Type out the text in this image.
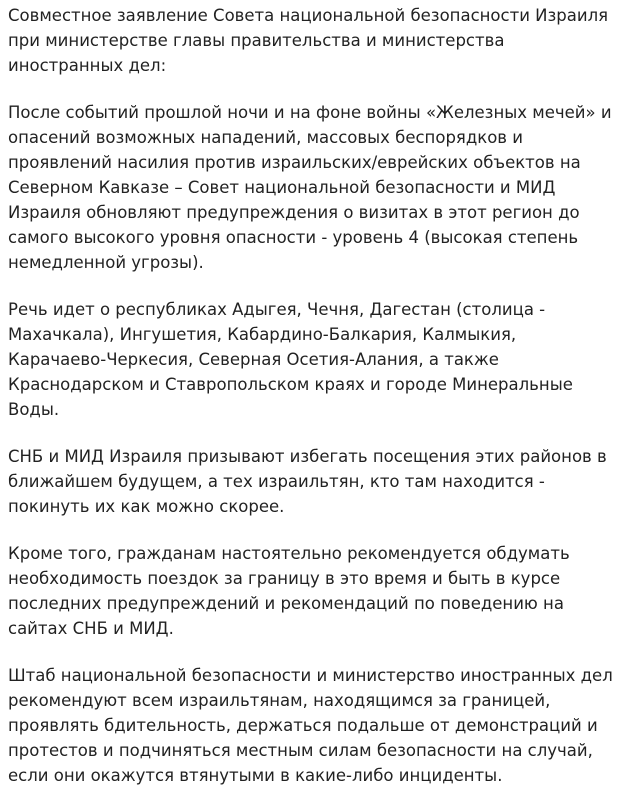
Совместное заявление Совета национальной безопасности Израиля при министерстве главы правительства и министерства иностранных дел:

После событий прошлой ночи и на фоне войны «Железных мечей» и опасений возможных нападений, массовых беспорядков и проявлений насилия против израильских/еврейских объектов на Северном Кавказе – Совет национальной безопасности и МИД Израиля обновляют предупреждения о визитах в этот регион до самого высокого уровня опасности - уровень 4 (высокая степень немедленной угрозы).

Речь идет о республиках Адыгея, Чечня, Дагестан (столица - Махачкала), Ингушетия, Кабардино-Балкария, Калмыкия, Карачаево-Черкесия, Северная Осетия-Алания, а также Краснодарском и Ставропольском краях и городе Минеральные Воды.

СНБ и МИД Израиля призывают избегать посещения этих районов в ближайшем будущем, а тех израильтян, кто там находится - покинуть их как можно скорее.

Кроме того, гражданам настоятельно рекомендуется обдумать необходимость поездок за границу в это время и быть в курсе последних предупреждений и рекомендаций по поведению на сайтах СНБ и МИД.

Штаб национальной безопасности и министерство иностранных дел рекомендуют всем израильтянам, находящимся за границей, проявлять бдительность, держаться подальше от демонстраций и протестов и подчиняться местным силам безопасности на случай, если они окажутся втянутыми в какие-либо инциденты.
